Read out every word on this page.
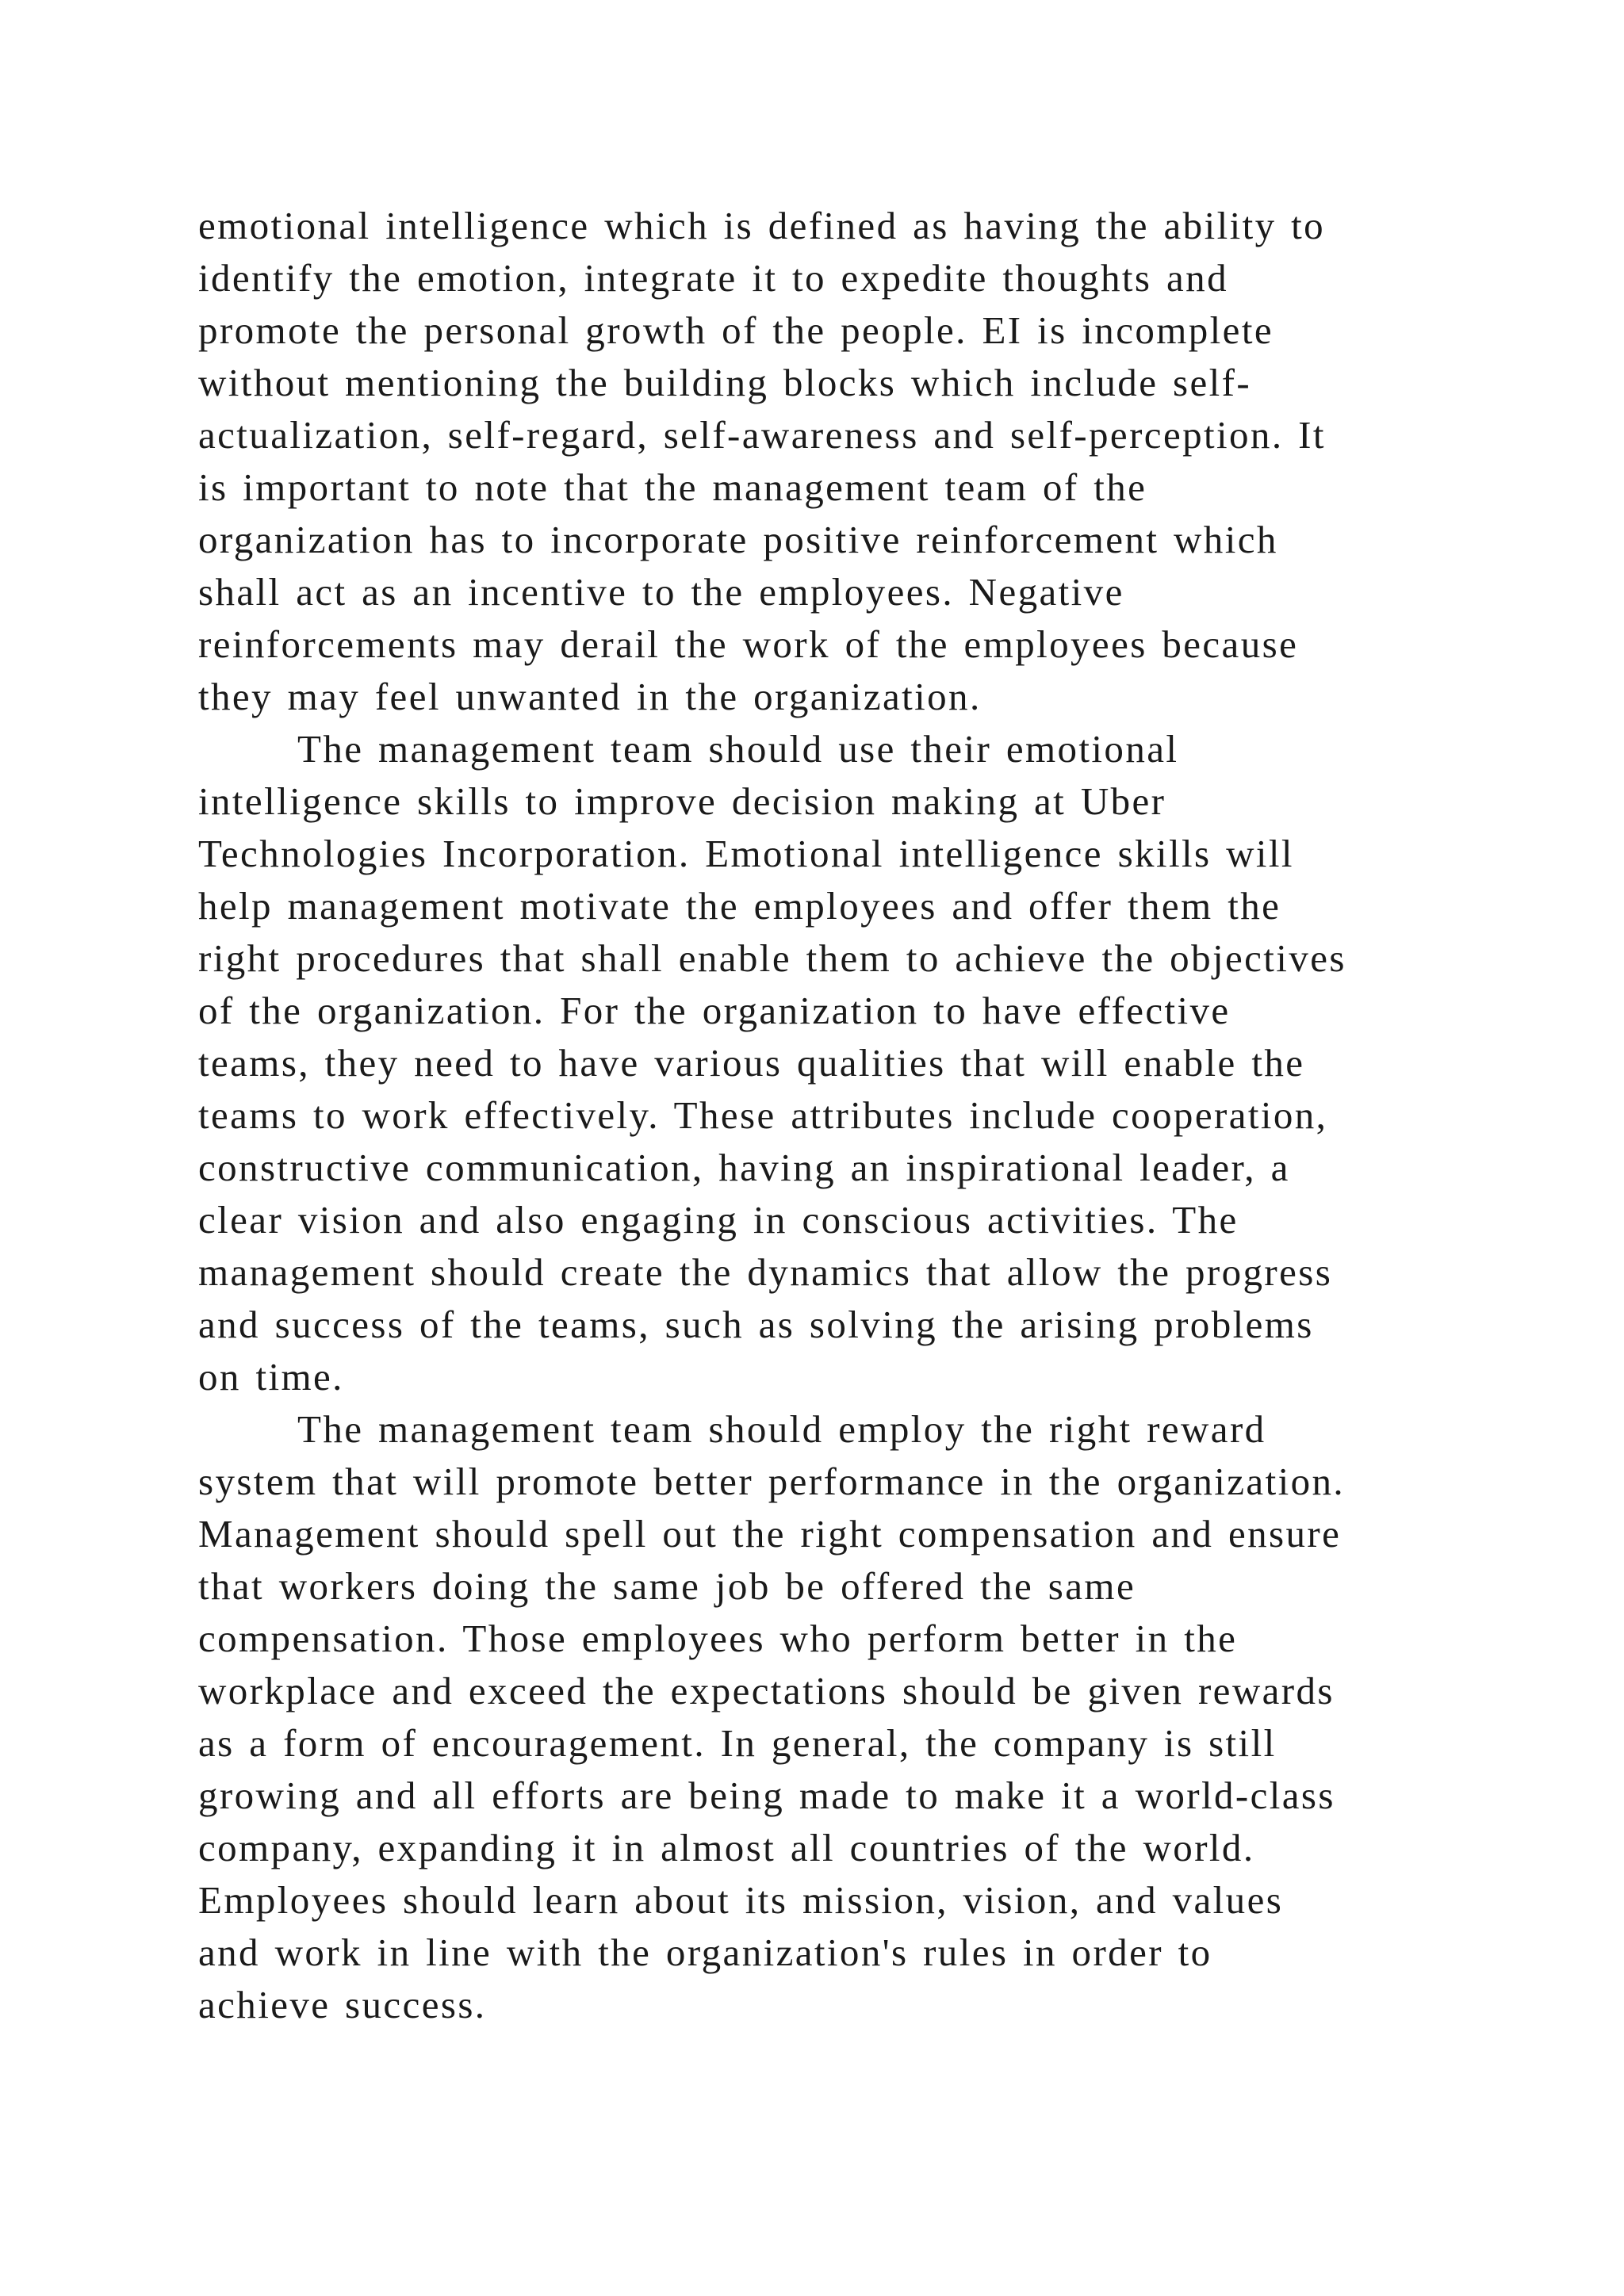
emotional intelligence which is defined as having the ability to
identify the emotion, integrate it to expedite thoughts and
promote the personal growth of the people. EI is incomplete
without mentioning the building blocks which include self-
actualization, self-regard, self-awareness and self-perception. It
is important to note that the management team of the
organization has to incorporate positive reinforcement which
shall act as an incentive to the employees. Negative
reinforcements may derail the work of the employees because
they may feel unwanted in the organization.
The management team should use their emotional
intelligence skills to improve decision making at Uber
Technologies Incorporation. Emotional intelligence skills will
help management motivate the employees and offer them the
right procedures that shall enable them to achieve the objectives
of the organization. For the organization to have effective
teams, they need to have various qualities that will enable the
teams to work effectively. These attributes include cooperation,
constructive communication, having an inspirational leader, a
clear vision and also engaging in conscious activities. The
management should create the dynamics that allow the progress
and success of the teams, such as solving the arising problems
on time.
The management team should employ the right reward
system that will promote better performance in the organization.
Management should spell out the right compensation and ensure
that workers doing the same job be offered the same
compensation. Those employees who perform better in the
workplace and exceed the expectations should be given rewards
as a form of encouragement. In general, the company is still
growing and all efforts are being made to make it a world-class
company, expanding it in almost all countries of the world.
Employees should learn about its mission, vision, and values
and work in line with the organization's rules in order to
achieve success.
